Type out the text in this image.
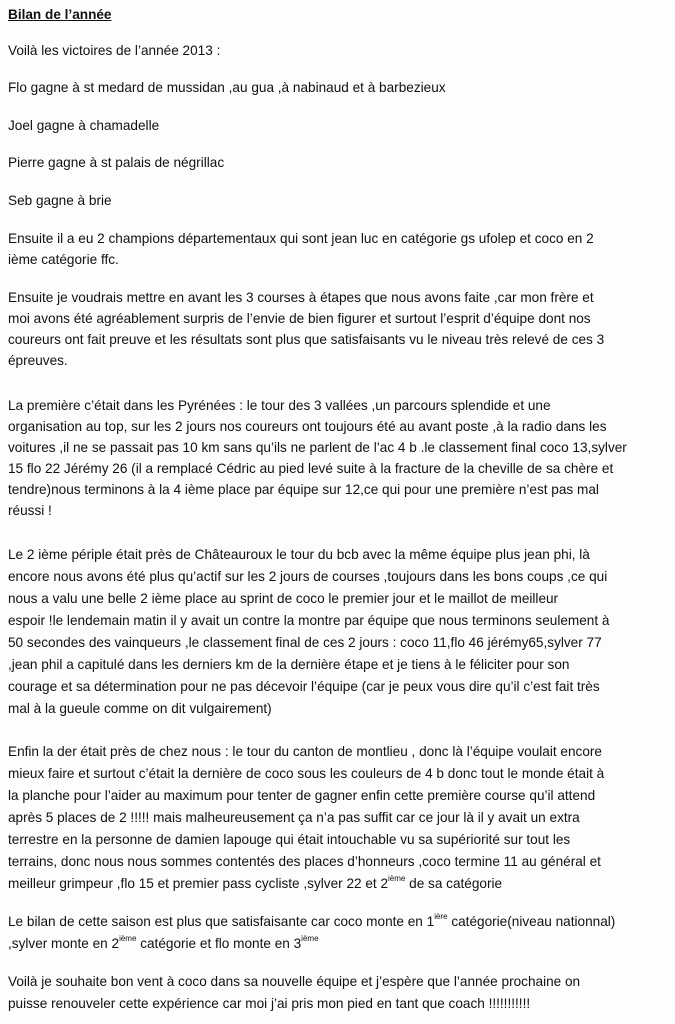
Bilan de l’année
Voilà les victoires de l’année 2013 :
Flo gagne à st medard de mussidan ,au gua ,à nabinaud et à barbezieux
Joel gagne à chamadelle
Pierre gagne à st palais de négrillac
Seb gagne à brie
Ensuite il a eu 2 champions départementaux qui sont jean luc en catégorie gs ufolep et coco en 2
ième catégorie ffc.
Ensuite je voudrais mettre en avant les 3 courses à étapes que nous avons faite ,car mon frère et
moi avons été agréablement surpris de l’envie de bien figurer et surtout l’esprit d’équipe dont nos
coureurs ont fait preuve et les résultats sont plus que satisfaisants vu le niveau très relevé de ces 3
épreuves.
La première c’était dans les Pyrénées : le tour des 3 vallées ,un parcours splendide et une
organisation au top, sur les 2 jours nos coureurs ont toujours été au avant poste ,à la radio dans les
voitures ,il ne se passait pas 10 km sans qu’ils ne parlent de l’ac 4 b .le classement final coco 13,sylver
15 flo 22 Jérémy 26 (il a remplacé Cédric au pied levé suite à la fracture de la cheville de sa chère et
tendre)nous terminons à la 4 ième place par équipe sur 12,ce qui pour une première n’est pas mal
réussi !
Le 2 ième périple était près de Châteauroux le tour du bcb avec la même équipe plus jean phi, là
encore nous avons été plus qu’actif sur les 2 jours de courses ,toujours dans les bons coups ,ce qui
nous a valu une belle 2 ième place au sprint de coco le premier jour et le maillot de meilleur
espoir !le lendemain matin il y avait un contre la montre par équipe que nous terminons seulement à
50 secondes des vainqueurs ,le classement final de ces 2 jours : coco 11,flo 46 jérémy65,sylver 77
,jean phil a capitulé dans les derniers km de la dernière étape et je tiens à le féliciter pour son
courage et sa détermination pour ne pas décevoir l’équipe (car je peux vous dire qu’il c’est fait très
mal à la gueule comme on dit vulgairement)
Enfin la der était près de chez nous : le tour du canton de montlieu , donc là l’équipe voulait encore
mieux faire et surtout c’était la dernière de coco sous les couleurs de 4 b donc tout le monde était à
la planche pour l’aider au maximum pour tenter de gagner enfin cette première course qu’il attend
après 5 places de 2 !!!!! mais malheureusement ça n’a pas suffit car ce jour là il y avait un extra
terrestre en la personne de damien lapouge qui était intouchable vu sa supériorité sur tout les
terrains, donc nous nous sommes contentés des places d’honneurs ,coco termine 11 au général et
meilleur grimpeur ,flo 15 et premier pass cycliste ,sylver 22 et 2ième de sa catégorie
Le bilan de cette saison est plus que satisfaisante car coco monte en $1^{ière}$ catégorie(niveau nationnal)
,sylver monte en 2ième catégorie et flo monte en 3ième
Voilà je souhaite bon vent à coco dans sa nouvelle équipe et j’espère que l’année prochaine on
puisse renouveler cette expérience car moi j’ai pris mon pied en tant que coach !!!!!!!!!!!
